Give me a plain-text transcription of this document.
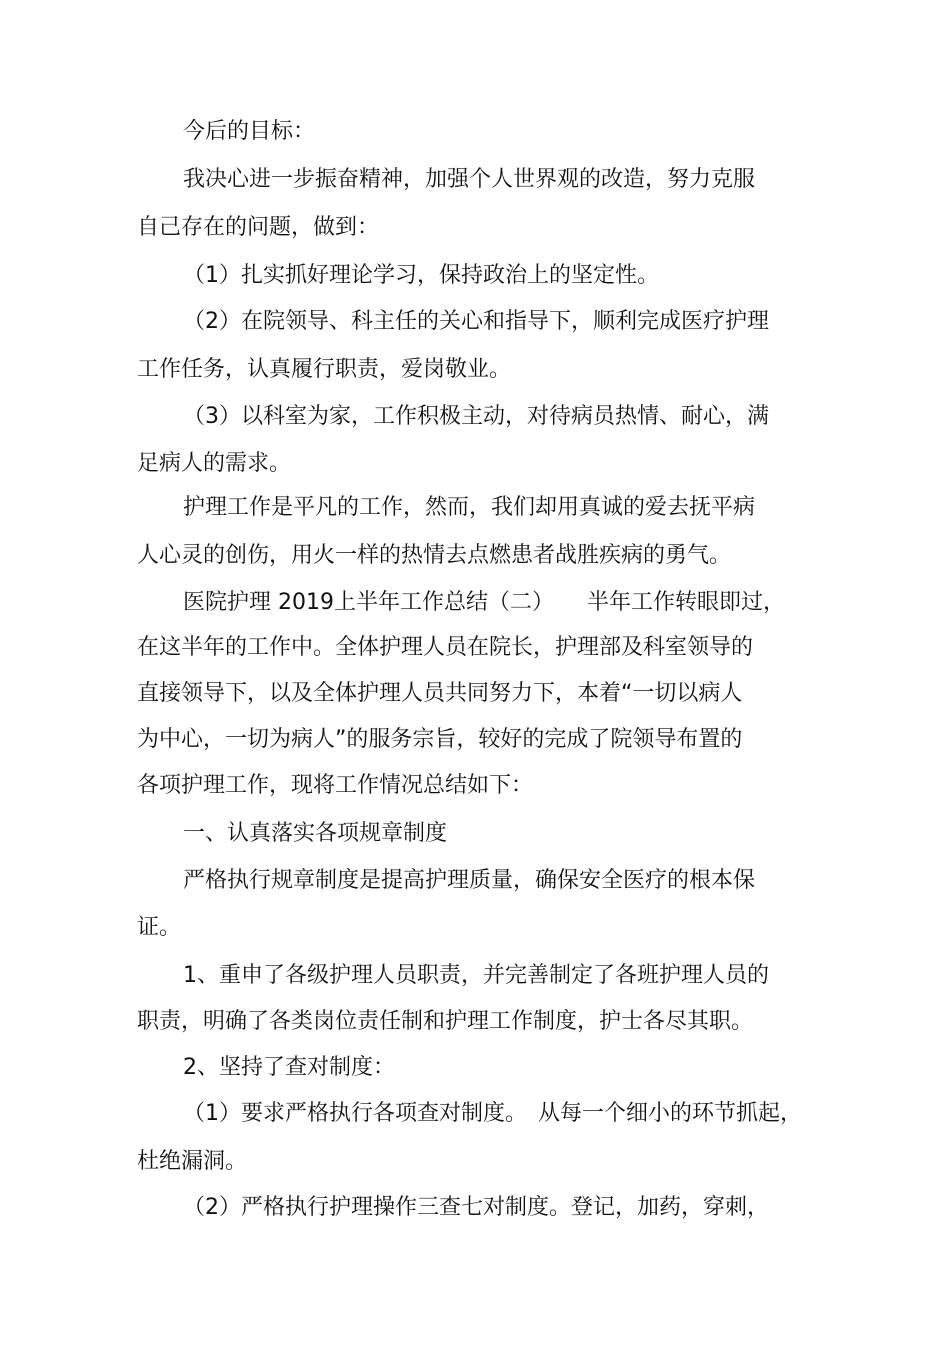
今后的目标：
我决心进一步振奋精神，加强个人世界观的改造，努力克服
自己存在的问题，做到：
（1）扎实抓好理论学习，保持政治上的坚定性。
（2）在院领导、科主任的关心和指导下，顺利完成医疗护理
工作任务，认真履行职责，爱岗敬业。
（3）以科室为家，工作积极主动，对待病员热情、耐心，满
足病人的需求。
护理工作是平凡的工作，然而，我们却用真诚的爱去抚平病
人心灵的创伤，用火一样的热情去点燃患者战胜疾病的勇气。
医院护理 2019上半年工作总结（二）　　半年工作转眼即过，
在这半年的工作中。全体护理人员在院长，护理部及科室领导的
直接领导下，以及全体护理人员共同努力下，本着“一切以病人
为中心，一切为病人”的服务宗旨，较好的完成了院领导布置的
各项护理工作，现将工作情况总结如下：
一、认真落实各项规章制度
严格执行规章制度是提高护理质量，确保安全医疗的根本保
证。
1、重申了各级护理人员职责，并完善制定了各班护理人员的
职责，明确了各类岗位责任制和护理工作制度，护士各尽其职。
2、坚持了查对制度：
（1）要求严格执行各项查对制度。　从每一个细小的环节抓起，
杜绝漏洞。
（2）严格执行护理操作三查七对制度。登记，加药，穿刺，
